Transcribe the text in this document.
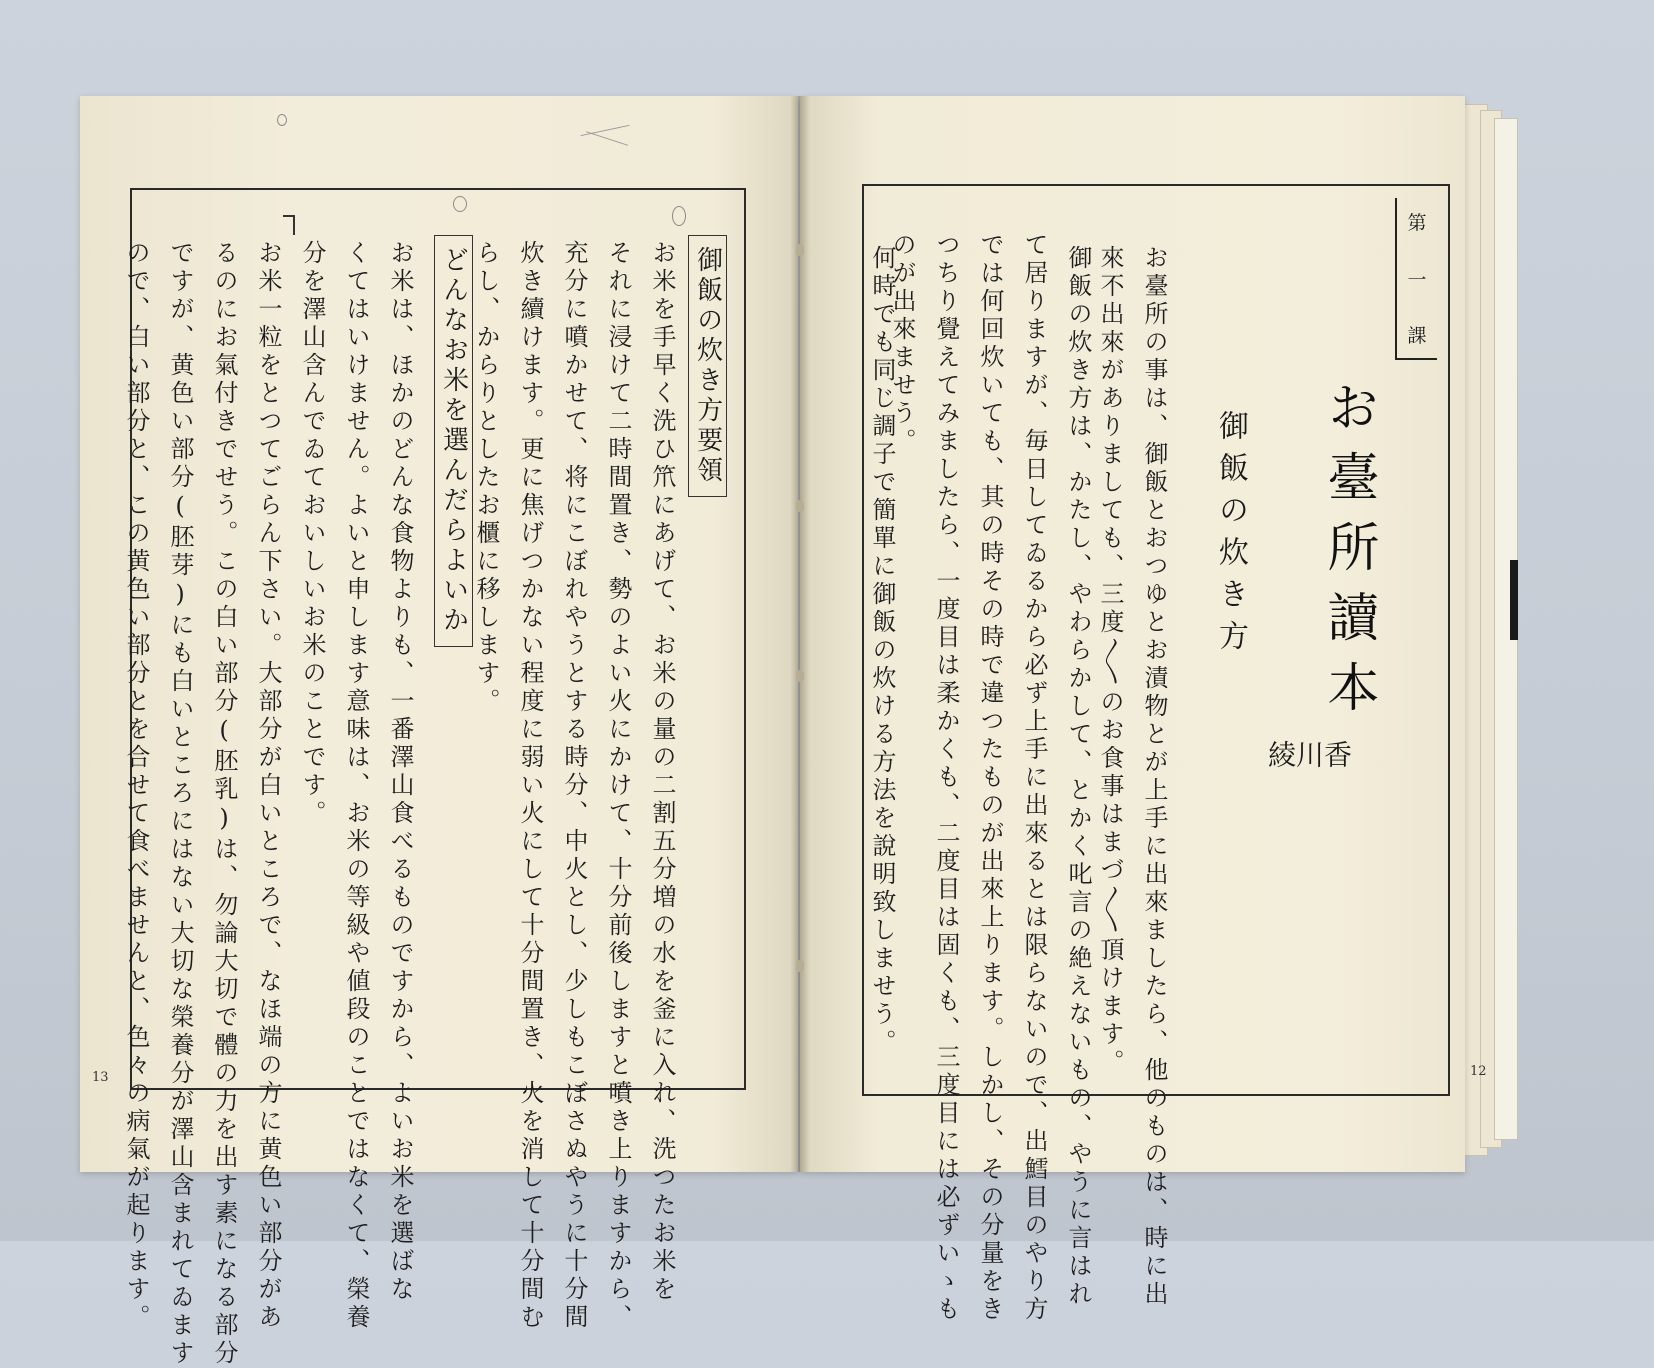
御飯の炊き方要領
お米を手早く洗ひ笊にあげて、お米の量の二割五分増の水を釜に入れ、洗つたお米を
それに浸けて二時間置き、勢のよい火にかけて、十分前後しますと噴き上りますから、
充分に噴かせて、将にこぼれやうとする時分、中火とし、少しもこぼさぬやうに十分間
炊き續けます。更に焦げつかない程度に弱い火にして十分間置き、火を消して十分間む
らし、からりとしたお櫃に移します。
どんなお米を選んだらよいか
お米は、ほかのどんな食物よりも、一番澤山食べるものですから、よいお米を選ばな
くてはいけません。よいと申します意味は、お米の等級や値段のことではなくて、榮養
分を澤山含んでゐておいしいお米のことです。
お米一粒をとつてごらん下さい。大部分が白いところで、なほ端の方に黄色い部分があ
るのにお氣付きでせう。この白い部分(胚乳)は、勿論大切で體の力を出す素になる部分
ですが、黄色い部分(胚芽)にも白いところにはない大切な榮養分が澤山含まれてゐます
ので、白い部分と、この黄色い部分とを合せて食べませんと、色々の病氣が起ります。
13
第
一
課
お臺所讀本
御飯の炊き方
香
川
綾
お臺所の事は、御飯とおつゆとお漬物とが上手に出來ましたら、他のものは、時に出
來不出來がありましても、三度〳〵のお食事はまづ〳〵頂けます。
御飯の炊き方は、かたし、やわらかして、とかく叱言の絶えないもの、やうに言はれ
て居りますが、毎日してゐるから必ず上手に出來るとは限らないので、出鱈目のやり方
では何回炊いても、其の時その時で違つたものが出來上ります。しかし、その分量をき
つちり覺えてみましたら、一度目は柔かくも、二度目は固くも、三度目には必ずいゝも
のが出來ませう。
何時でも同じ調子で簡單に御飯の炊ける方法を說明致しませう。
12
